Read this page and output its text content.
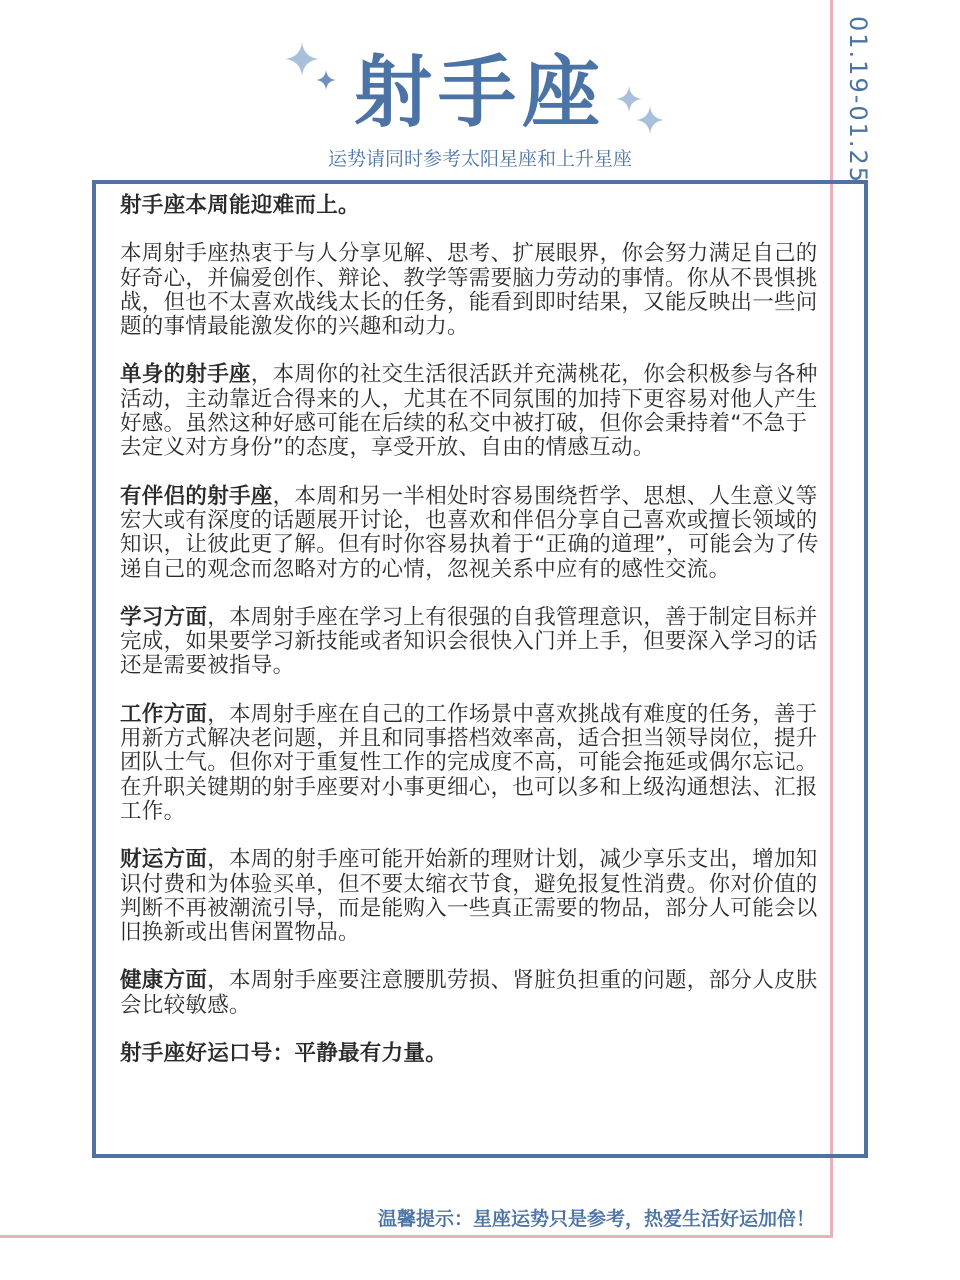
01.19-01.25
射手座
运势请同时参考太阳星座和上升星座

射手座本周能迎难而上。

本周射手座热衷于与人分享见解、思考、扩展眼界，你会努力满足自己的好奇心，并偏爱创作、辩论、教学等需要脑力劳动的事情。你从不畏惧挑战，但也不太喜欢战线太长的任务，能看到即时结果，又能反映出一些问题的事情最能激发你的兴趣和动力。

单身的射手座，本周你的社交生活很活跃并充满桃花，你会积极参与各种活动，主动靠近合得来的人，尤其在不同氛围的加持下更容易对他人产生好感。虽然这种好感可能在后续的私交中被打破，但你会秉持着“不急于去定义对方身份”的态度，享受开放、自由的情感互动。

有伴侣的射手座，本周和另一半相处时容易围绕哲学、思想、人生意义等宏大或有深度的话题展开讨论，也喜欢和伴侣分享自己喜欢或擅长领域的知识，让彼此更了解。但有时你容易执着于“正确的道理”，可能会为了传递自己的观念而忽略对方的心情，忽视关系中应有的感性交流。

学习方面，本周射手座在学习上有很强的自我管理意识，善于制定目标并完成，如果要学习新技能或者知识会很快入门并上手，但要深入学习的话还是需要被指导。

工作方面，本周射手座在自己的工作场景中喜欢挑战有难度的任务，善于用新方式解决老问题，并且和同事搭档效率高，适合担当领导岗位，提升团队士气。但你对于重复性工作的完成度不高，可能会拖延或偶尔忘记。在升职关键期的射手座要对小事更细心，也可以多和上级沟通想法、汇报工作。

财运方面，本周的射手座可能开始新的理财计划，减少享乐支出，增加知识付费和为体验买单，但不要太缩衣节食，避免报复性消费。你对价值的判断不再被潮流引导，而是能购入一些真正需要的物品，部分人可能会以旧换新或出售闲置物品。

健康方面，本周射手座要注意腰肌劳损、肾脏负担重的问题，部分人皮肤会比较敏感。

射手座好运口号：平静最有力量。

温馨提示：星座运势只是参考，热爱生活好运加倍！
